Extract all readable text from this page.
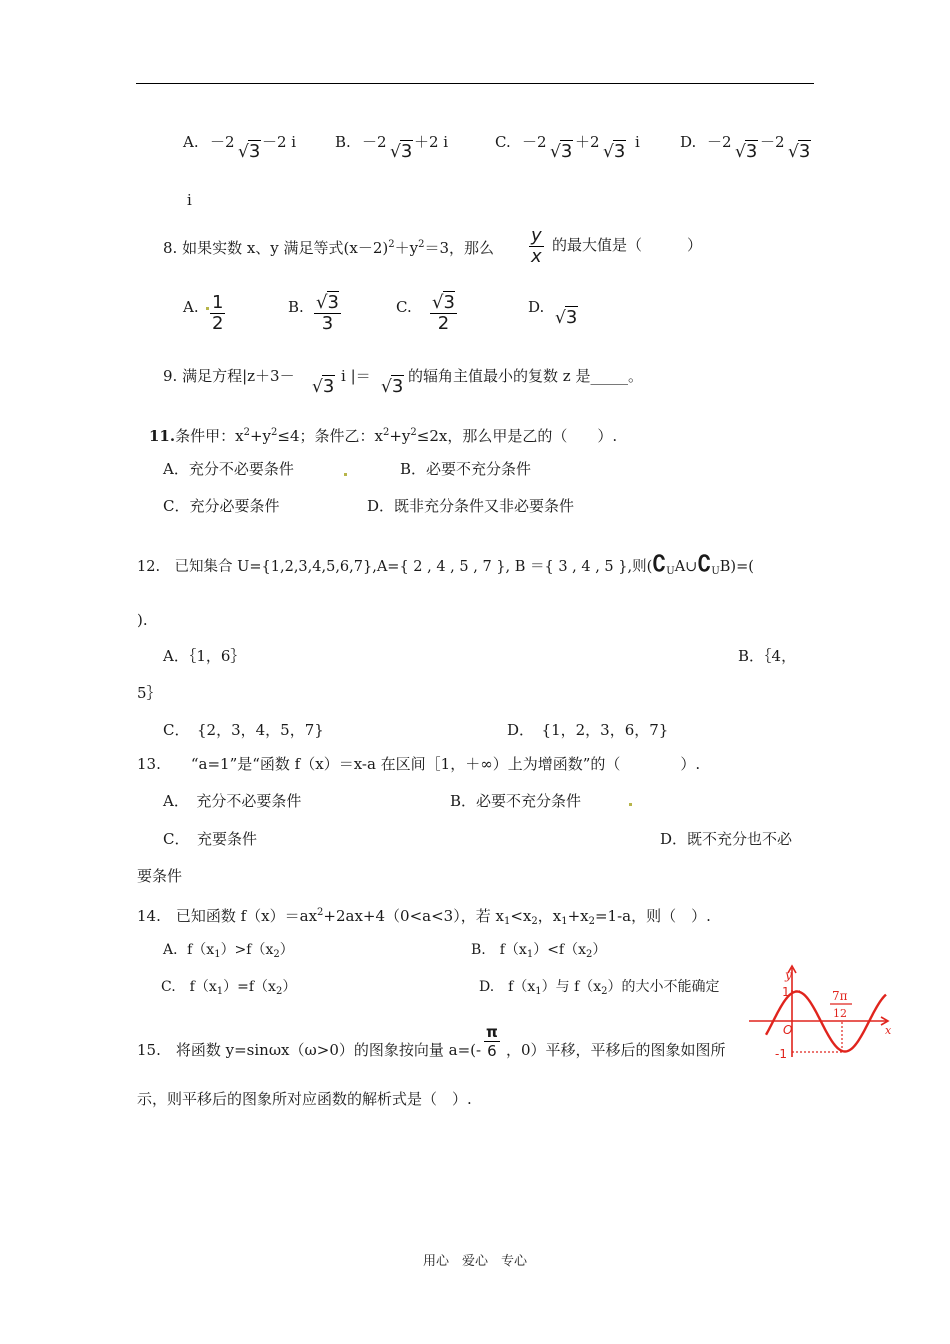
A. －2 √3 －2 i	B. －2 √3 ＋2 i	C. －2 √3 ＋2 √3 i	D. －2 √3 －2 √3
i
8. 如果实数 x、y 满足等式$(x-2)^2+y^2=3$，那么 $\frac{y}{x}$ 的最大值是（　　　）
A. $\frac{1}{2}$	B. $\frac{√3}{3}$	C. $\frac{√3}{2}$	D.
√3
9. 满足方程|z＋3－
√3 i |＝
√3 的辐角主值最小的复数 z 是_____。
11.条件甲：$x^2+y^2\le 4$；条件乙：$x^2+y^2\le 2x$，那么甲是乙的（　　）.
A．充分不必要条件	B．必要不充分条件
C．充分必要条件	D．既非充分条件又非必要条件
12.　已知集合 U={1,2,3,4,5,6,7},A={ 2 , 4 , 5 , 7 }, B ＝{ 3 , 4 , 5 },则$(∁_UA\cup∁_UB)=$(
).
A．｛1，6｝	B．｛4，
5｝
C．　{2，3，4，5，7}	D．　{1，2，3，6，7}
13.　　“a=1”是“函数 f（x）＝x-a 在区间［1，＋∞）上为增函数”的（　　　　）.
A．　充分不必要条件	B．必要不充分条件
C．　充要条件	D．既不充分也不必
要条件
14.　已知函数 $f(x)=ax^2+2ax+4(0<a<3)$，若 $x_1<x_2$，$x_1+x_2=1-a$，则（　）.
A．$f(x_1)>f(x_2)$	B.　$f(x_1)<f(x_2)$
C.　$f(x_1)=f(x_2)$	D.　$f(x_1)$与 $f(x_2)$的大小不能确定
15.　将函数 y=sinωx（ω>0）的图象按向量 $a=(- \frac{\pi}{6}$ ，0）平移，平移后的图象如图所
示，则平移后的图象所对应函数的解析式是（　）.
y
x
1
O
-1
7π
12
用心　爱心　专心
